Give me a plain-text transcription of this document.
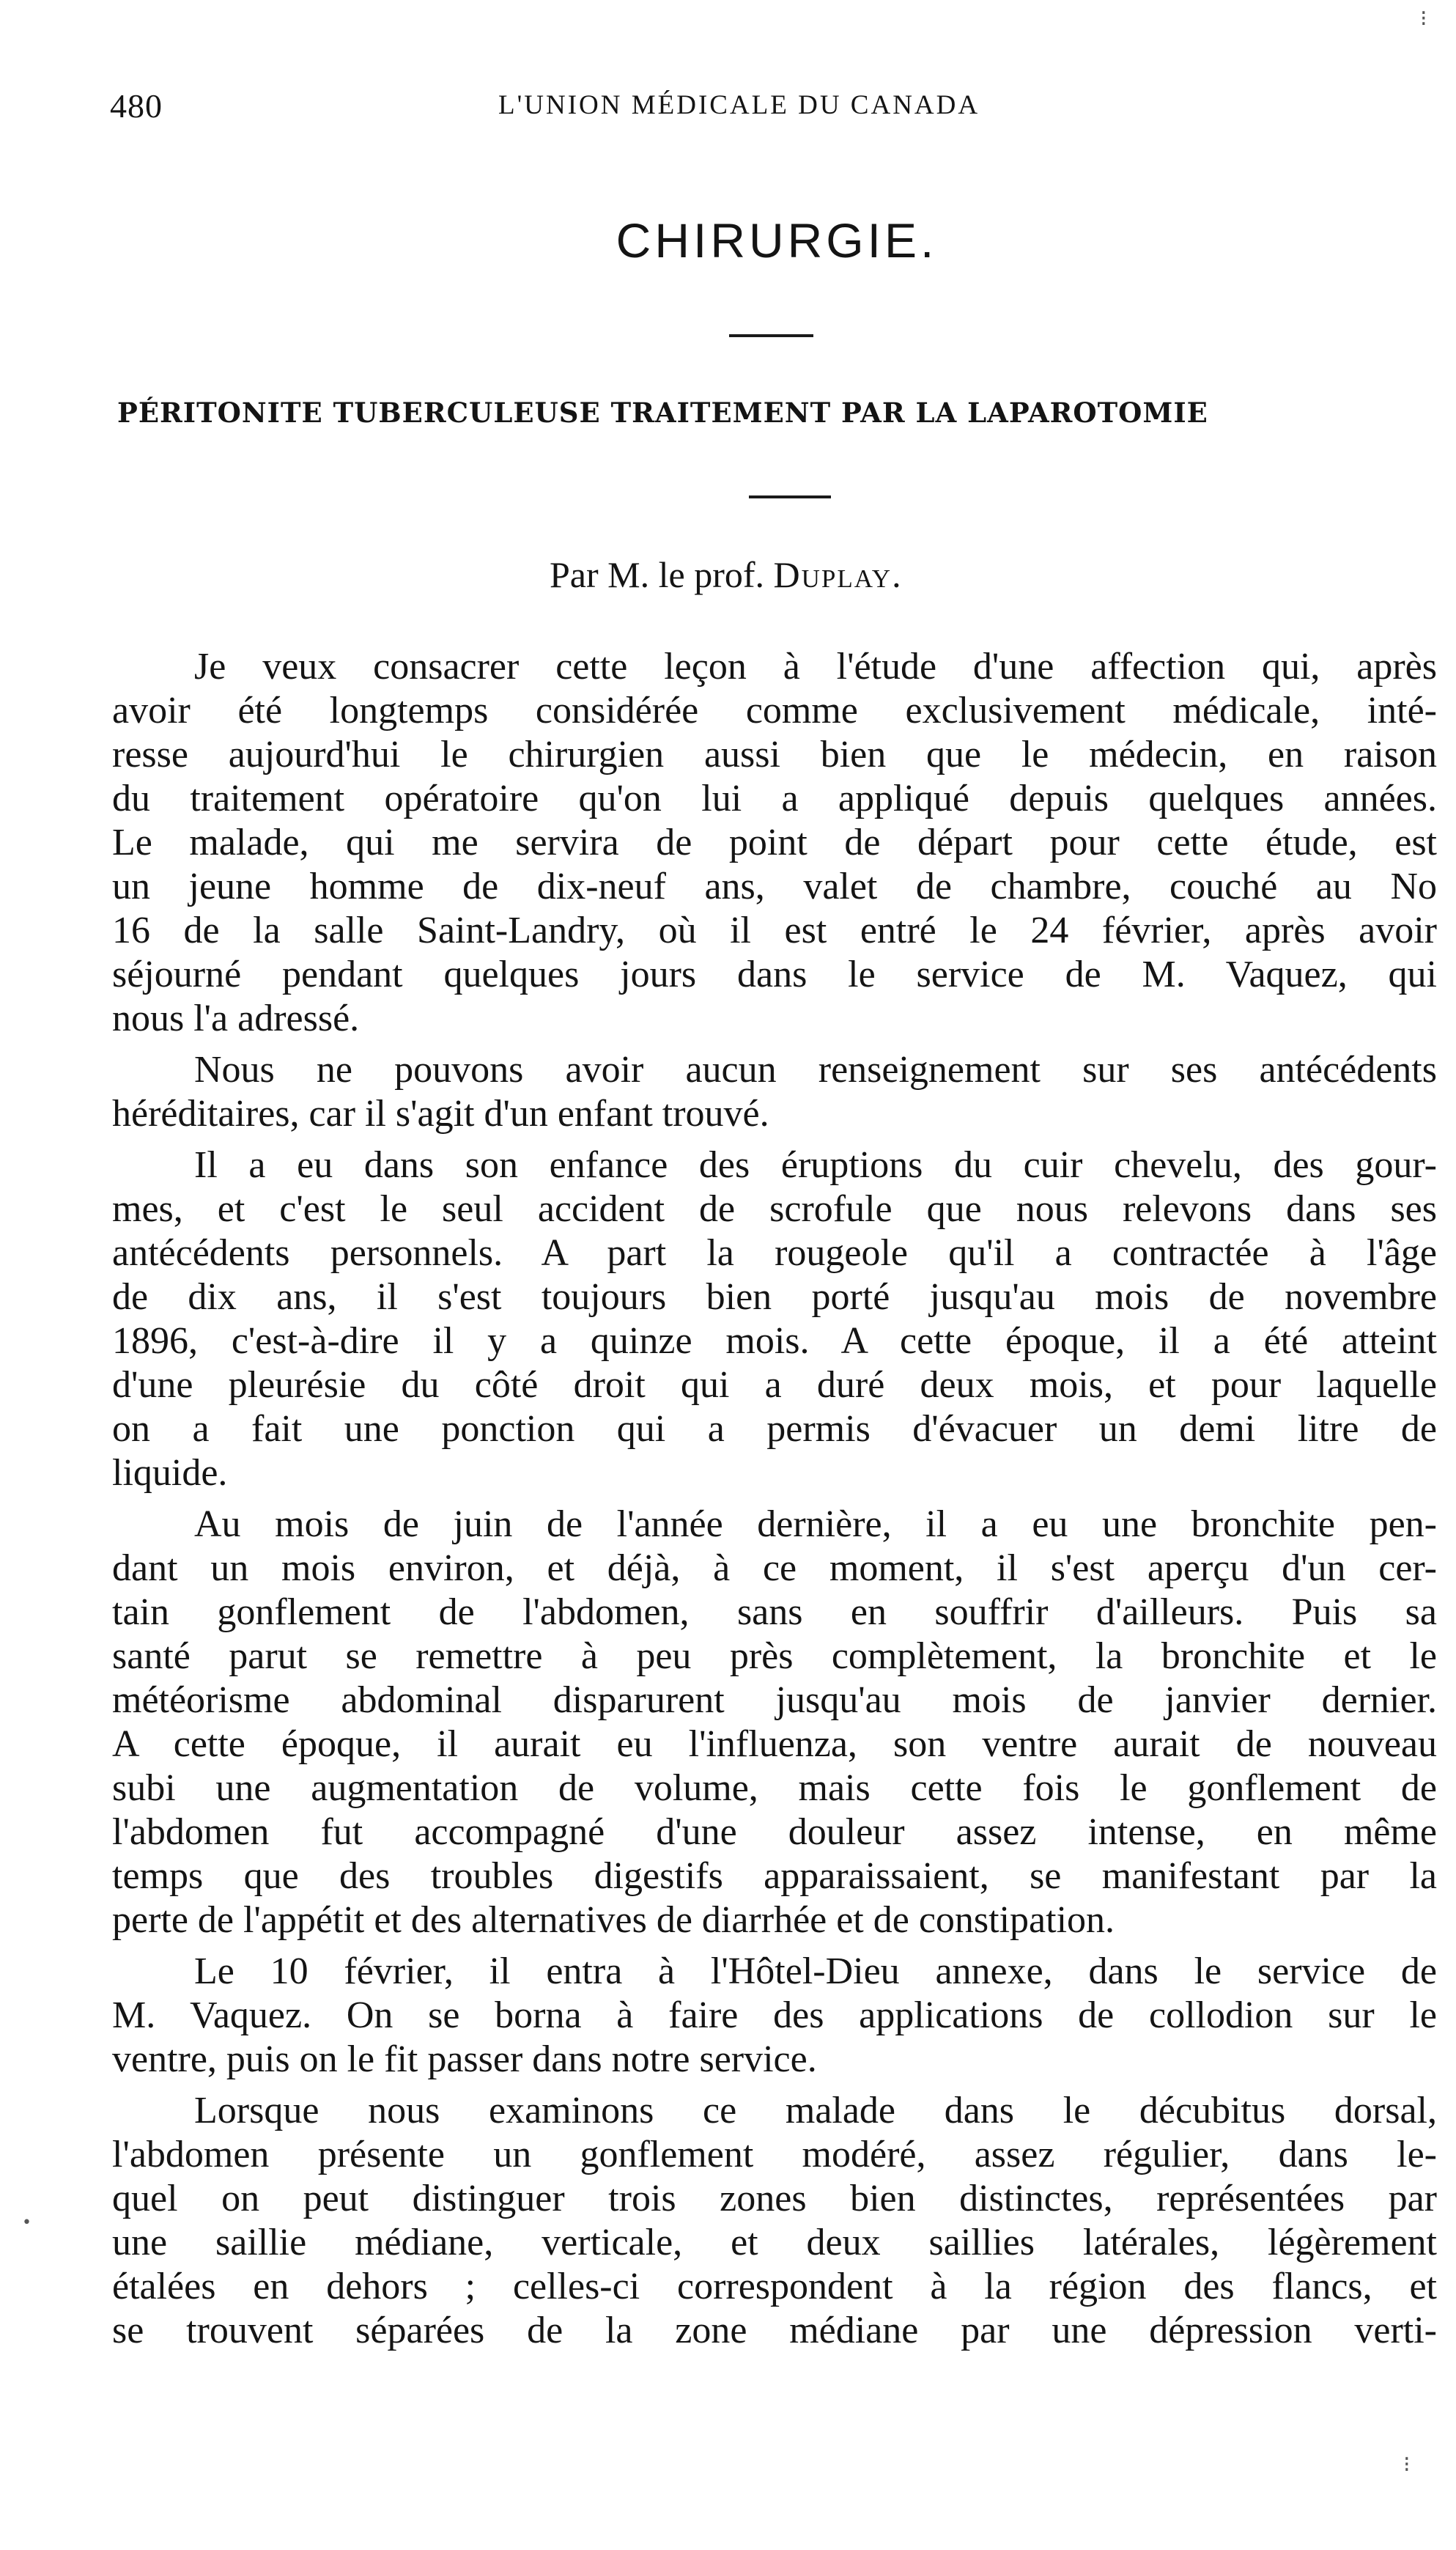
480	L'UNION MÉDICALE DU CANADA
CHIRURGIE.
PÉRITONITE TUBERCULEUSE TRAITEMENT PAR LA LAPAROTOMIE
Par M. le prof. Duplay.
Je veux consacrer cette leçon à l'étude d'une affection qui, après
avoir été longtemps considérée comme exclusivement médicale, inté-
resse aujourd'hui le chirurgien aussi bien que le médecin, en raison
du traitement opératoire qu'on lui a appliqué depuis quelques années.
Le malade, qui me servira de point de départ pour cette étude, est
un jeune homme de dix-neuf ans, valet de chambre, couché au No
16 de la salle Saint-Landry, où il est entré le 24 février, après avoir
séjourné pendant quelques jours dans le service de M. Vaquez, qui
nous l'a adressé.
Nous ne pouvons avoir aucun renseignement sur ses antécédents
héréditaires, car il s'agit d'un enfant trouvé.
Il a eu dans son enfance des éruptions du cuir chevelu, des gour-
mes, et c'est le seul accident de scrofule que nous relevons dans ses
antécédents personnels. A part la rougeole qu'il a contractée à l'âge
de dix ans, il s'est toujours bien porté jusqu'au mois de novembre
1896, c'est-à-dire il y a quinze mois. A cette époque, il a été atteint
d'une pleurésie du côté droit qui a duré deux mois, et pour laquelle
on a fait une ponction qui a permis d'évacuer un demi litre de
liquide.
Au mois de juin de l'année dernière, il a eu une bronchite pen-
dant un mois environ, et déjà, à ce moment, il s'est aperçu d'un cer-
tain gonflement de l'abdomen, sans en souffrir d'ailleurs. Puis sa
santé parut se remettre à peu près complètement, la bronchite et le
météorisme abdominal disparurent jusqu'au mois de janvier dernier.
A cette époque, il aurait eu l'influenza, son ventre aurait de nouveau
subi une augmentation de volume, mais cette fois le gonflement de
l'abdomen fut accompagné d'une douleur assez intense, en même
temps que des troubles digestifs apparaissaient, se manifestant par la
perte de l'appétit et des alternatives de diarrhée et de constipation.
Le 10 février, il entra à l'Hôtel-Dieu annexe, dans le service de
M. Vaquez. On se borna à faire des applications de collodion sur le
ventre, puis on le fit passer dans notre service.
Lorsque nous examinons ce malade dans le décubitus dorsal,
l'abdomen présente un gonflement modéré, assez régulier, dans le-
quel on peut distinguer trois zones bien distinctes, représentées par
une saillie médiane, verticale, et deux saillies latérales, légèrement
étalées en dehors ; celles-ci correspondent à la région des flancs, et
se trouvent séparées de la zone médiane par une dépression verti-
⁝
⁝
•
